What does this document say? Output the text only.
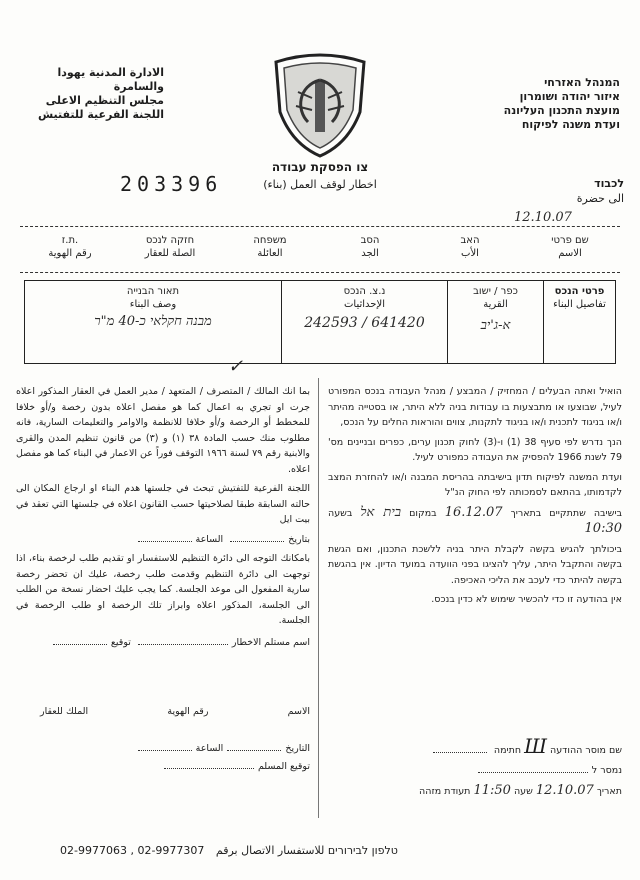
الادارة المدنية يهودا
والسامرة
مجلس التنظيم الاعلى
اللجنة الفرعية للتفتيش
המנהל האזרחי
איזור יהודה ושומרון
מועצת התכנון העליונה
ועדת משנה לפיקוח
צו הפסקת עבודה
اخطار لوقف العمل (بناء)
203396	לכבוד
الى حضرة
12.10.07
שם פרטי
الاسم
האב
الأب
הסב
الجد
משפחה
العائلة
חזקה לנכס
الصلة للعقار
ת.ז.
رقم الهوية
פרטי הנכס
تفاصيل البناء
כפר / ישוב
القرية
א-ג'יב
נ.צ. הנכס
الإحداثيات
242593 / 641420
תאור הבנייה
وصف البناء
מבנה חקלאי כ-40 מ"ר
✓

بما انك المالك / المتصرف / المتعهد / مدير العمل في العقار المذكور اعلاه جرت او تجري به اعمال كما هو مفصل اعلاه بدون رخصة و/أو خلافا للمخطط أو الرخصة و/أو خلافا للانظمة والاوامر والتعليمات السارية، فانه مطلوب منك حسب المادة ٣٨ (١) و (٣) من قانون تنظيم المدن والقرى والابنية رقم ٧٩ لسنة ١٩٦٦ التوقف فوراً عن الاعمار في البناء كما هو مفصل اعلاه.

اللجنة الفرعية للتفتيش تبحث في جلستها هدم البناء او ارجاع المكان الى حالته السابقة طبقا لصلاحيتها حسب القانون اعلاه في جلستها التي تعقد في بيت ايل

بتاريخ الساعة

بامكانك التوجه الى دائرة التنظيم للاستفسار او تقديم طلب لرخصة بناء، اذا توجهت الى دائرة التنظيم وقدمت طلب رخصة، عليك ان تحضر رخصة سارية المفعول الى موعد الجلسة. كما يجب عليك احضار نسخة من الطلب الى الجلسة، المذكور اعلاه وابراز تلك الرخصة او طلب الرخصة في الجلسة.

اسم مستلم الاخطار توقيع

الاسم
رقم الهوية
الملك للعقار
التاريخالساعة
توقيع المسلم

הואיל ואתה הבעלים / המחזיק / המבצע / מנהל העבודה בנכס המפורט לעיל, שבוצעו או מתבצעות בו עבודות בניה ללא היתר, או בסטייה מהיתר ו/או בניגוד לתכנית ו/או בניגוד לתקנות, צווים והוראות החלים על הנכס,

הנך נדרש לפי סעיף 38 (1) ו-(3) לחוק תכנון ערים, כפרים ובניינים מס' 79 לשנת 1966 להפסיק את העבודה כמפורט לעיל.

ועדת המשנה לפיקוח תדון בישיבתה בהריסת המבנה ו/או להחזרת המצב לקדמותו, בהתאם לסמכותה לפי החוק הנ"ל

בישיבה שתתקיים בתאריך 16.12.07 במקום בית אל בשעה 10:30

ביכולתך להגיש בקשה לקבלת היתר בניה ללשכת התכנון, ואם הגשת בקשה והתקבל היתר, עליך להציגו בפני הוועדה במועד הדיון. אין בהגשת בקשה להיתר כדי לעכב את הליכי האכיפה.

אין בהודעה זו כדי להכשיר שימוש לא כדין בנכס.

שם מוסר ההודעה Ш חתימה
נמסר ל
תאריך 12.10.07 שעה 11:50 תעודת מזהה
02-9977063 , 02-9977307 טלפון לבירורים للاستفسار الاتصال برقم
